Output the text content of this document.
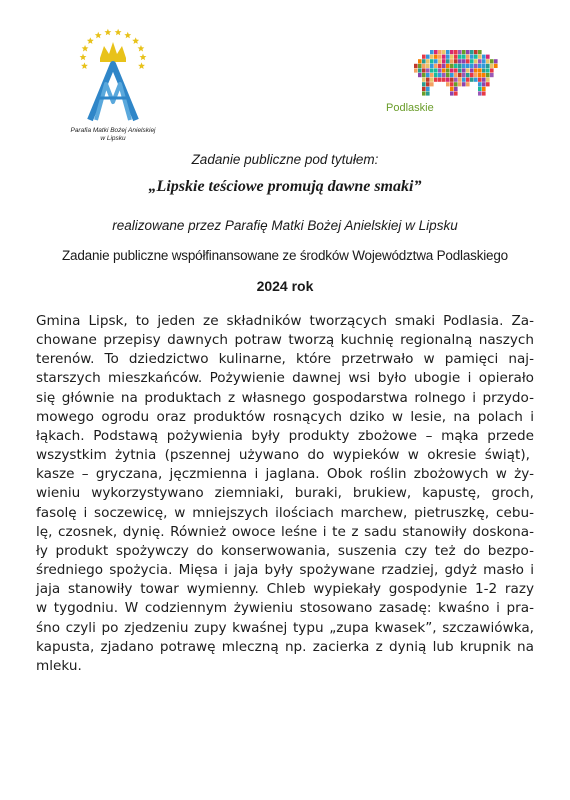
Parafia Matki Bożej Anielskiej
w Lipsku
Podlaskie
Zadanie publiczne pod tytułem:
„Lipskie teściowe promują dawne smaki”
realizowane przez Parafię Matki Bożej Anielskiej w Lipsku
Zadanie publiczne współfinansowane ze środków Województwa Podlaskiego
2024 rok
Gmina Lipsk, to jeden ze składników tworzących smaki Podlasia. Za-
chowane przepisy dawnych potraw tworzą kuchnię regionalną naszych
terenów. To dziedzictwo kulinarne, które przetrwało w pamięci naj-
starszych mieszkańców. Pożywienie dawnej wsi było ubogie i opierało
się głównie na produktach z własnego gospodarstwa rolnego i przydo-
mowego ogrodu oraz produktów rosnących dziko w lesie, na polach i
łąkach. Podstawą pożywienia były produkty zbożowe – mąka przede
wszystkim żytnia (pszennej używano do wypieków w okresie świąt),
kasze – gryczana, jęczmienna i jaglana. Obok roślin zbożowych w ży-
wieniu wykorzystywano ziemniaki, buraki, brukiew, kapustę, groch,
fasolę i soczewicę, w mniejszych ilościach marchew, pietruszkę, cebu-
lę, czosnek, dynię. Również owoce leśne i te z sadu stanowiły doskona-
ły produkt spożywczy do konserwowania, suszenia czy też do bezpo-
średniego spożycia. Mięsa i jaja były spożywane rzadziej, gdyż masło i
jaja stanowiły towar wymienny. Chleb wypiekały gospodynie 1-2 razy
w tygodniu. W codziennym żywieniu stosowano zasadę: kwaśno i pra-
śno czyli po zjedzeniu zupy kwaśnej typu „zupa kwasek”, szczawiówka,
kapusta, zjadano potrawę mleczną np. zacierka z dynią lub krupnik na
mleku.
